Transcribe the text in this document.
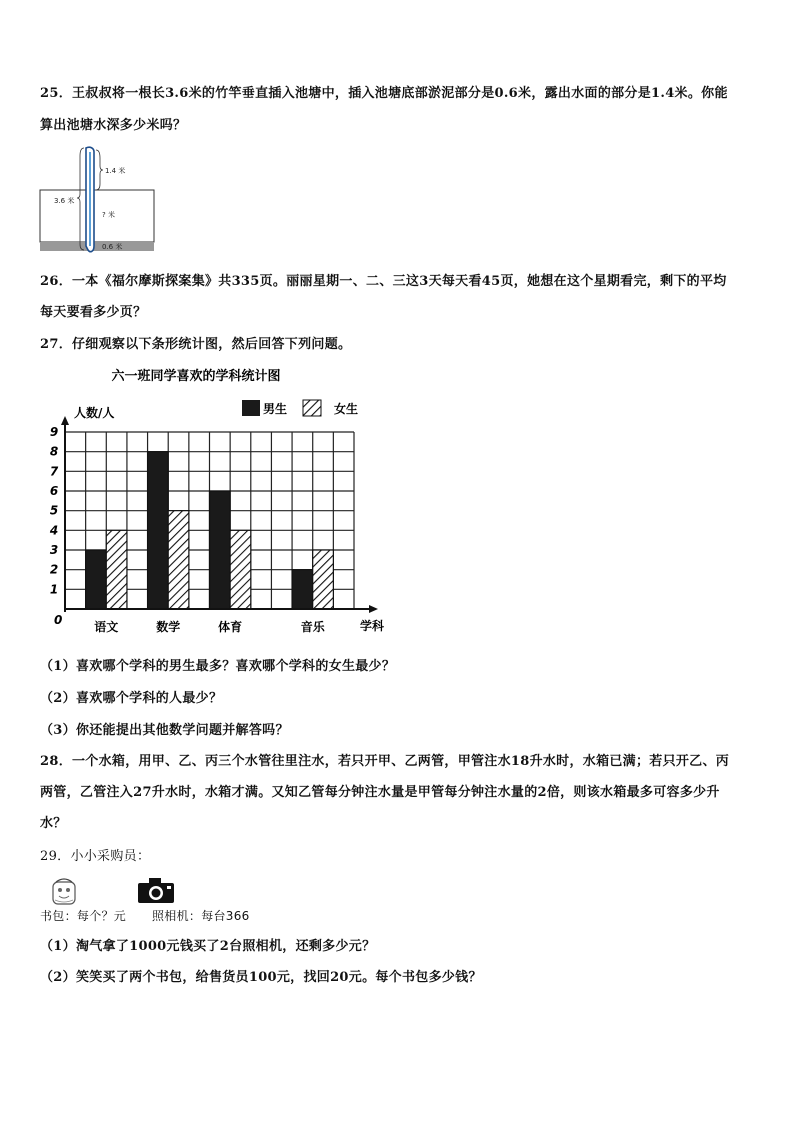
25．王叔叔将一根长3.6米的竹竿垂直插入池塘中，插入池塘底部淤泥部分是0.6米，露出水面的部分是1.4米。你能
算出池塘水深多少米吗？
3.6 米
1.4 米
? 米
0.6 米
26．一本《福尔摩斯探案集》共335页。丽丽星期一、二、三这3天每天看45页，她想在这个星期看完，剩下的平均
每天要看多少页？
27．仔细观察以下条形统计图，然后回答下列问题。
六一班同学喜欢的学科统计图
人数/人	男生	女生
1
2
3
4
5
6
7
8
9
语文	数学	体育	音乐
0	学科
（1）喜欢哪个学科的男生最多？喜欢哪个学科的女生最少？
（2）喜欢哪个学科的人最少？
（3）你还能提出其他数学问题并解答吗？
28．一个水箱，用甲、乙、丙三个水管往里注水，若只开甲、乙两管，甲管注水18升水时，水箱已满；若只开乙、丙
两管，乙管注入27升水时，水箱才满。又知乙管每分钟注水量是甲管每分钟注水量的2倍，则该水箱最多可容多少升
水？
29．小小采购员：
书包：每个？元 照相机：每台366
（1）淘气拿了1000元钱买了2台照相机，还剩多少元？
（2）笑笑买了两个书包，给售货员100元，找回20元。每个书包多少钱？
